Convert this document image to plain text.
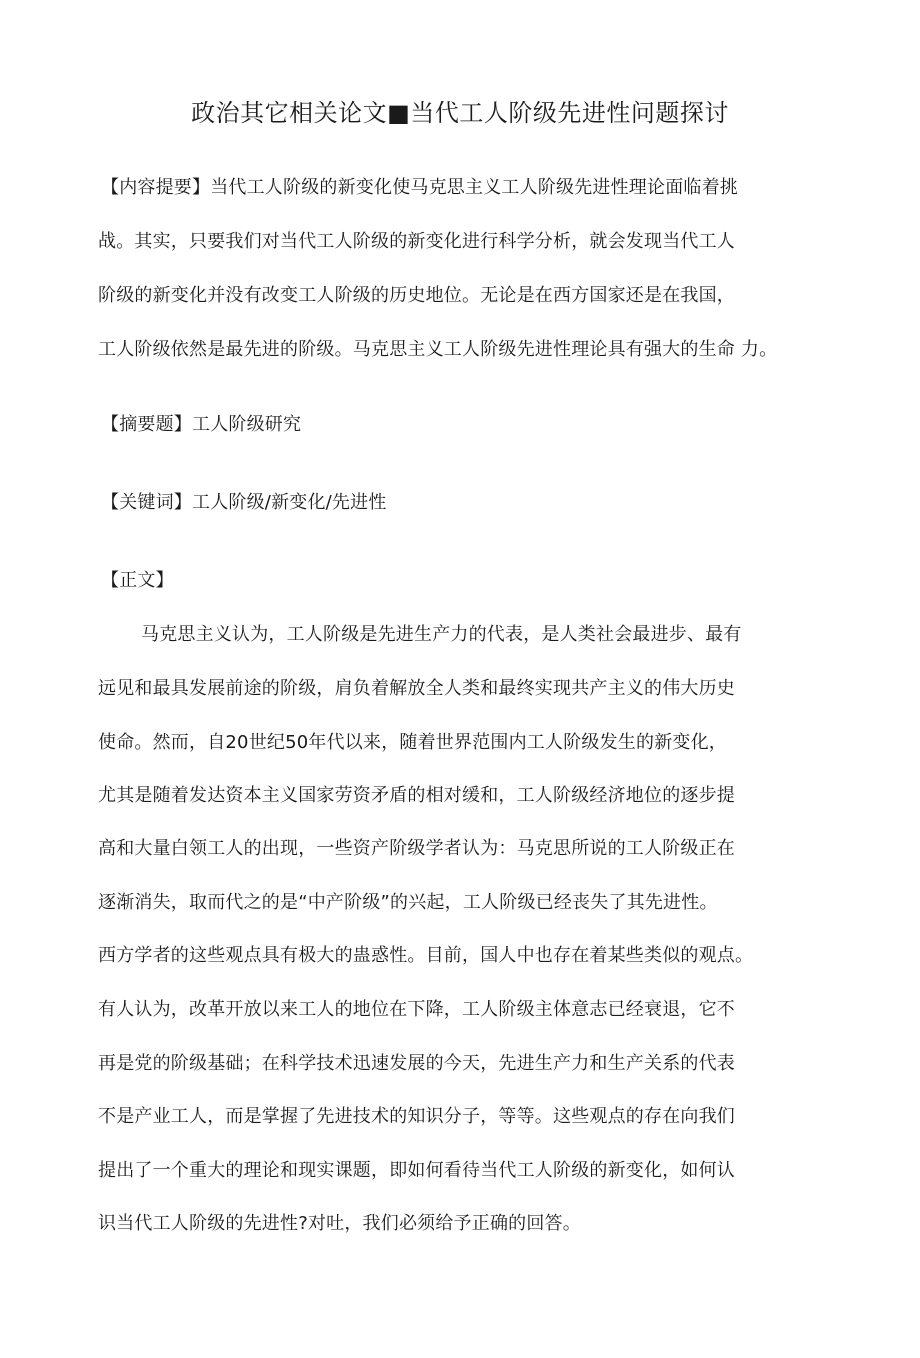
政治其它相关论文■当代工人阶级先进性问题探讨
【内容提要】当代工人阶级的新变化使马克思主义工人阶级先进性理论面临着挑
战。其实，只要我们对当代工人阶级的新变化进行科学分析，就会发现当代工人
阶级的新变化并没有改变工人阶级的历史地位。无论是在西方国家还是在我国，
工人阶级依然是最先进的阶级。马克思主义工人阶级先进性理论具有强大的生命 力。
【摘要题】工人阶级研究
【关键词】工人阶级/新变化/先进性
【正文】
马克思主义认为，工人阶级是先进生产力的代表，是人类社会最进步、最有
远见和最具发展前途的阶级，肩负着解放全人类和最终实现共产主义的伟大历史
使命。然而，自20世纪50年代以来，随着世界范围内工人阶级发生的新变化，
尤其是随着发达资本主义国家劳资矛盾的相对缓和，工人阶级经济地位的逐步提
高和大量白领工人的出现，一些资产阶级学者认为：马克思所说的工人阶级正在
逐渐消失，取而代之的是“中产阶级”的兴起，工人阶级已经丧失了其先进性。
西方学者的这些观点具有极大的蛊惑性。目前，国人中也存在着某些类似的观点。
有人认为，改革开放以来工人的地位在下降，工人阶级主体意志已经衰退，它不
再是党的阶级基础；在科学技术迅速发展的今天，先进生产力和生产关系的代表
不是产业工人，而是掌握了先进技术的知识分子，等等。这些观点的存在向我们
提出了一个重大的理论和现实课题，即如何看待当代工人阶级的新变化，如何认
识当代工人阶级的先进性?对吐，我们必须给予正确的回答。
